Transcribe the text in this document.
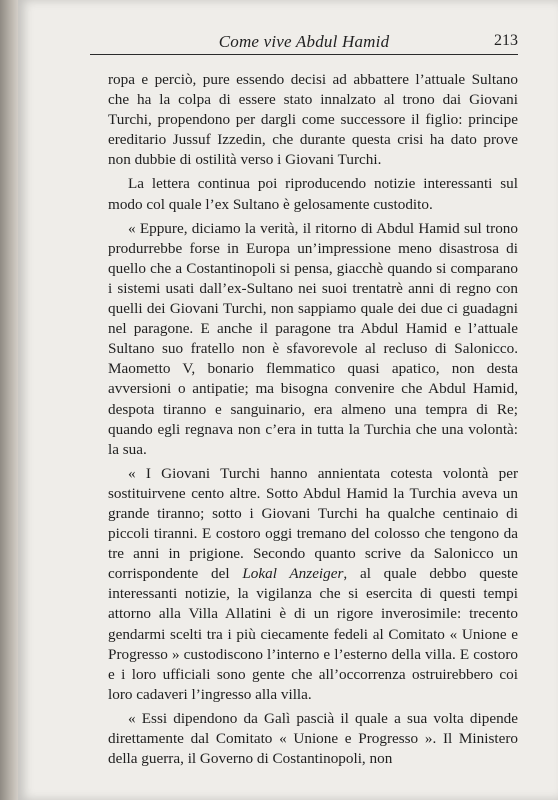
Come vive Abdul Hamid	213

ropa e perciò, pure essendo decisi ad abbattere l’attuale Sultano che ha la colpa di essere stato innalzato al trono dai Giovani Turchi, propendono per dargli come successore il figlio: principe ereditario Jussuf Izzedin, che durante questa crisi ha dato prove non dubbie di ostilità verso i Giovani Turchi.

La lettera continua poi riproducendo notizie interessanti sul modo col quale l’ex Sultano è gelosamente custodito.

« Eppure, diciamo la verità, il ritorno di Abdul Hamid sul trono produrrebbe forse in Europa un’impressione meno disastrosa di quello che a Costantinopoli si pensa, giacchè quando si comparano i sistemi usati dall’ex-Sultano nei suoi trentatrè anni di regno con quelli dei Giovani Turchi, non sappiamo quale dei due ci guadagni nel paragone. E anche il paragone tra Abdul Hamid e l’attuale Sultano suo fratello non è sfavorevole al recluso di Salonicco. Maometto V, bonario flemmatico quasi apatico, non desta avversioni o antipatie; ma bisogna convenire che Abdul Hamid, despota tiranno e sanguinario, era almeno una tempra di Re; quando egli regnava non c’era in tutta la Turchia che una volontà: la sua.

« I Giovani Turchi hanno annientata cotesta volontà per sostituirvene cento altre. Sotto Abdul Hamid la Turchia aveva un grande tiranno; sotto i Giovani Turchi ha qualche centinaio di piccoli tiranni. E costoro oggi tremano del colosso che tengono da tre anni in prigione. Secondo quanto scrive da Salonicco un corrispondente del Lokal Anzeiger, al quale debbo queste interessanti notizie, la vigilanza che si esercita di questi tempi attorno alla Villa Allatini è di un rigore inverosimile: trecento gendarmi scelti tra i più ciecamente fedeli al Comitato « Unione e Progresso » custodiscono l’interno e l’esterno della villa. E costoro e i loro ufficiali sono gente che all’occorrenza ostruirebbero coi loro cadaveri l’ingresso alla villa.

« Essi dipendono da Galì pascià il quale a sua volta dipende direttamente dal Comitato « Unione e Progresso ». Il Ministero della guerra, il Governo di Costantinopoli, non
